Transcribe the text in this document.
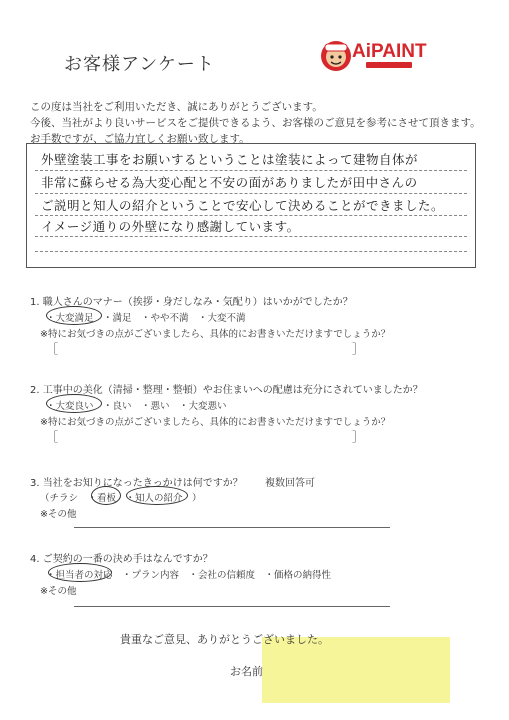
お客様アンケート
AiPAINT
この度は当社をご利用いただき、誠にありがとうございます。
今後、当社がより良いサービスをご提供できるよう、お客様のご意見を参考にさせて頂きます。
お手数ですが、ご協力宜しくお願い致します。
外壁塗装工事をお願いするということは塗装によって建物自体が
非常に蘇らせる為大変心配と不安の面がありましたが田中さんの
ご説明と知人の紹介ということで安心して決めることができました。
イメージ通りの外壁になり感謝しています。
1. 職人さんのマナー（挨拶・身だしなみ・気配り）はいかがでしたか？
・大変満足　・満足　・やや不満　・大変不満
※特にお気づきの点がございましたら、具体的にお書きいただけますでしょうか？
［	］
2. 工事中の美化（清掃・整理・整頓）やお住まいへの配慮は充分にされていましたか？
・大変良い　・良い　・悪い　・大変悪い
※特にお気づきの点がございましたら、具体的にお書きいただけますでしょうか？
［	］
3. 当社をお知りになったきっかけは何ですか？ 複数回答可
（チラシ　・看板　・知人の紹介　）
※その他
4. ご契約の一番の決め手はなんですか？
・担当者の対応　・プラン内容　・会社の信頼度　・価格の納得性
※その他
貴重なご意見、ありがとうございました。
お名前
